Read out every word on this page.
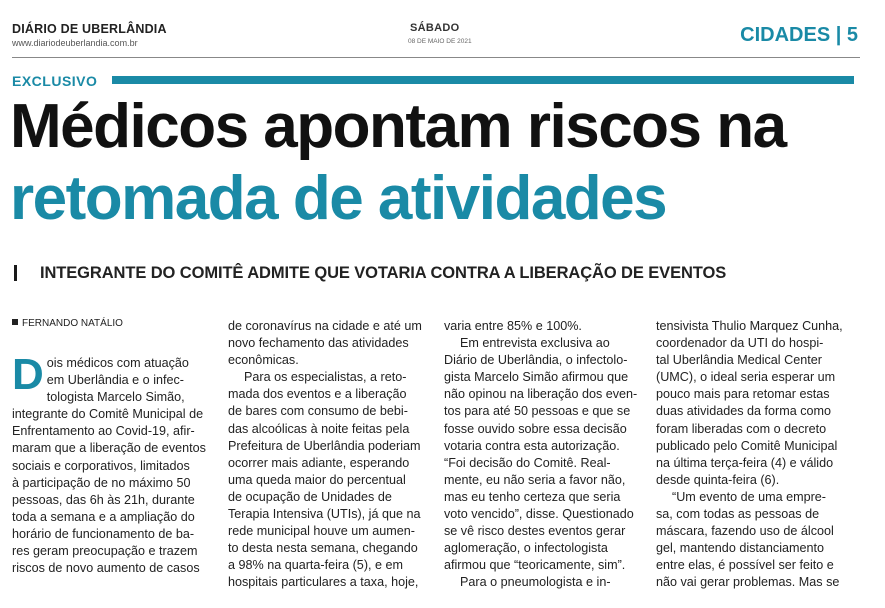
DIÁRIO DE UBERLÂNDIA
www.diariodeuberlandia.com.br
SÁBADO
08 DE MAIO DE 2021	CIDADES | 5
EXCLUSIVO
Médicos apontam riscos na
retomada de atividades
INTEGRANTE DO COMITÊ ADMITE QUE VOTARIA CONTRA A LIBERAÇÃO DE EVENTOS
FERNANDO NATÁLIO
D ois médicos com atuação
em Uberlândia e o infec-
tologista Marcelo Simão,
integrante do Comitê Municipal de
Enfrentamento ao Covid-19, afir-
maram que a liberação de eventos
sociais e corporativos, limitados
à participação de no máximo 50
pessoas, das 6h às 21h, durante
toda a semana e a ampliação do
horário de funcionamento de ba-
res geram preocupação e trazem
riscos de novo aumento de casos
de coronavírus na cidade e até um
novo fechamento das atividades
econômicas.
Para os especialistas, a reto-
mada dos eventos e a liberação
de bares com consumo de bebi-
das alcoólicas à noite feitas pela
Prefeitura de Uberlândia poderiam
ocorrer mais adiante, esperando
uma queda maior do percentual
de ocupação de Unidades de
Terapia Intensiva (UTIs), já que na
rede municipal houve um aumen-
to desta nesta semana, chegando
a 98% na quarta-feira (5), e em
hospitais particulares a taxa, hoje,
varia entre 85% e 100%.
Em entrevista exclusiva ao
Diário de Uberlândia, o infectolo-
gista Marcelo Simão afirmou que
não opinou na liberação dos even-
tos para até 50 pessoas e que se
fosse ouvido sobre essa decisão
votaria contra esta autorização.
“Foi decisão do Comitê. Real-
mente, eu não seria a favor não,
mas eu tenho certeza que seria
voto vencido”, disse. Questionado
se vê risco destes eventos gerar
aglomeração, o infectologista
afirmou que “teoricamente, sim”.
Para o pneumologista e in-
tensivista Thulio Marquez Cunha,
coordenador da UTI do hospi-
tal Uberlândia Medical Center
(UMC), o ideal seria esperar um
pouco mais para retomar estas
duas atividades da forma como
foram liberadas com o decreto
publicado pelo Comitê Municipal
na última terça-feira (4) e válido
desde quinta-feira (6).
“Um evento de uma empre-
sa, com todas as pessoas de
máscara, fazendo uso de álcool
gel, mantendo distanciamento
entre elas, é possível ser feito e
não vai gerar problemas. Mas se
